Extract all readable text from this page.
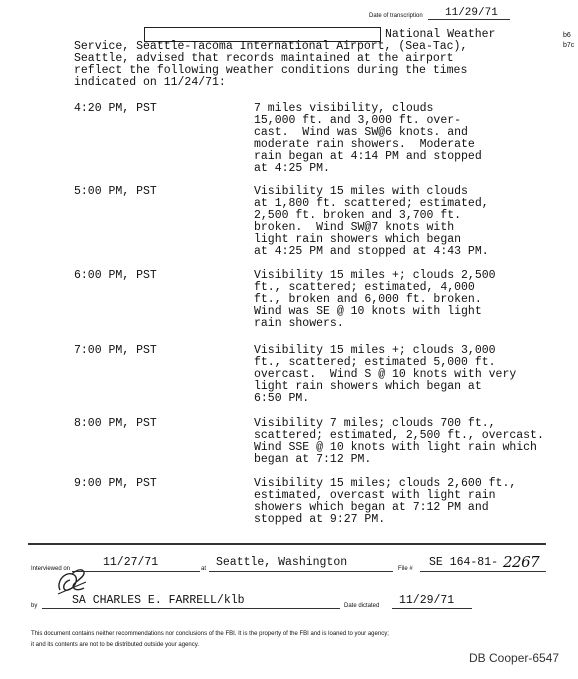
Date of transcription 11/29/71
b6
b7c
National Weather
Service, Seattle-Tacoma International Airport, (Sea-Tac),
Seattle, advised that records maintained at the airport
reflect the following weather conditions during the times
indicated on 11/24/71:
4:20 PM, PST	7 miles visibility, clouds
15,000 ft. and 3,000 ft. over-
cast.  Wind was SW@6 knots. and
moderate rain showers.  Moderate
rain began at 4:14 PM and stopped
at 4:25 PM.
5:00 PM, PST	Visibility 15 miles with clouds
at 1,800 ft. scattered; estimated,
2,500 ft. broken and 3,700 ft.
broken.  Wind SW@7 knots with
light rain showers which began
at 4:25 PM and stopped at 4:43 PM.
6:00 PM, PST	Visibility 15 miles +; clouds 2,500
ft., scattered; estimated, 4,000
ft., broken and 6,000 ft. broken.
Wind was SE @ 10 knots with light
rain showers.
7:00 PM, PST	Visibility 15 miles +; clouds 3,000
ft., scattered; estimated 5,000 ft.
overcast.  Wind S @ 10 knots with very
light rain showers which began at
6:50 PM.
8:00 PM, PST	Visibility 7 miles; clouds 700 ft.,
scattered; estimated, 2,500 ft., overcast.
Wind SSE @ 10 knots with light rain which
began at 7:12 PM.
9:00 PM, PST	Visibility 15 miles; clouds 2,600 ft.,
estimated, overcast with light rain
showers which began at 7:12 PM and
stopped at 9:27 PM.
Interviewed on	11/27/71	at Seattle, Washington	File # SE 164-81- 2267
by	SA CHARLES E. FARRELL/klb	Date dictated 11/29/71
This document contains neither recommendations nor conclusions of the FBI. It is the property of the FBI and is loaned to your agency;
it and its contents are not to be distributed outside your agency.
DB Cooper-6547
